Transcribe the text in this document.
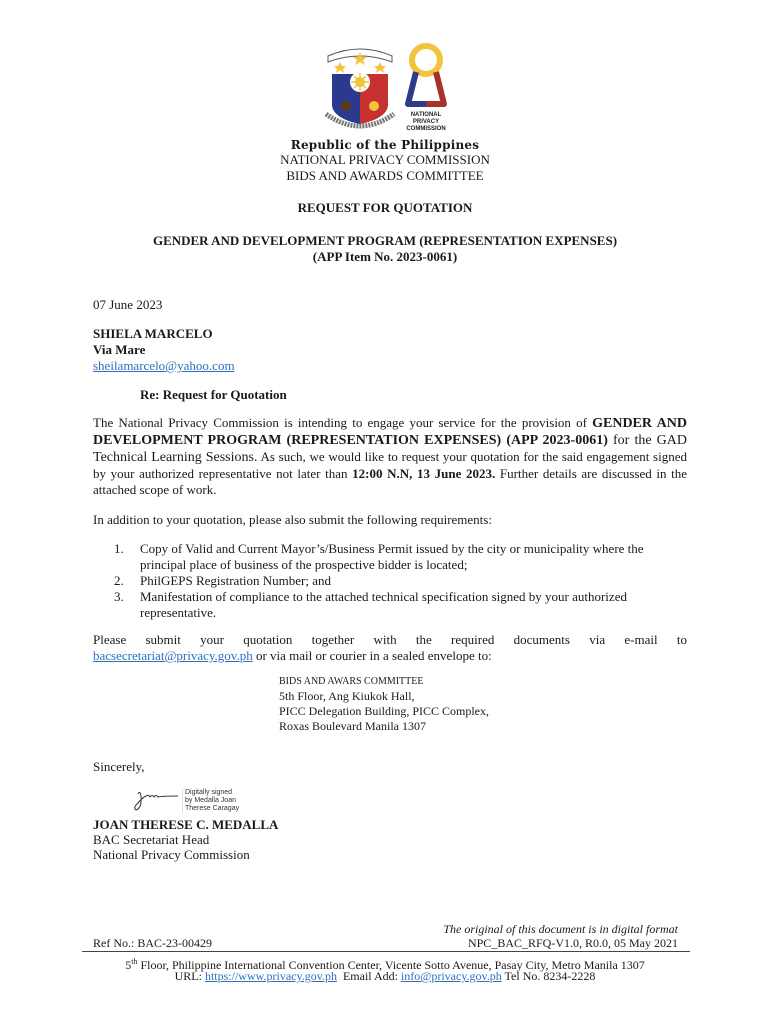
NATIONAL
PRIVACY
COMMISSION
Republic of the Philippines
NATIONAL PRIVACY COMMISSION
BIDS AND AWARDS COMMITTEE
REQUEST FOR QUOTATION
GENDER AND DEVELOPMENT PROGRAM (REPRESENTATION EXPENSES)
(APP Item No. 2023-0061)
07 June 2023
SHIELA MARCELO
Via Mare
sheilamarcelo@yahoo.com
Re: Request for Quotation
The National Privacy Commission is intending to engage your service for the provision of GENDER AND DEVELOPMENT PROGRAM (REPRESENTATION EXPENSES) (APP 2023-0061) for the GAD Technical Learning Sessions. As such, we would like to request your quotation for the said engagement signed by your authorized representative not later than 12:00 N.N, 13 June 2023. Further details are discussed in the attached scope of work.
In addition to your quotation, please also submit the following requirements:
1. Copy of Valid and Current Mayor’s/Business Permit issued by the city or municipality where the principal place of business of the prospective bidder is located;
2. PhilGEPS Registration Number; and
3. Manifestation of compliance to the attached technical specification signed by your authorized representative.
Please submit your quotation together with the required documents via e-mail to bacsecretariat@privacy.gov.ph or via mail or courier in a sealed envelope to:
BIDS AND AWARS COMMITTEE
5th Floor, Ang Kiukok Hall,
PICC Delegation Building, PICC Complex,
Roxas Boulevard Manila 1307
Sincerely,
Digitally signed
by Medalla Joan
Therese Caragay
JOAN THERESE C. MEDALLA
BAC Secretariat Head
National Privacy Commission
Ref No.: BAC-23-00429
The original of this document is in digital format
NPC_BAC_RFQ-V1.0, R0.0, 05 May 2021
5th Floor, Philippine International Convention Center, Vicente Sotto Avenue, Pasay City, Metro Manila 1307
URL: https://www.privacy.gov.ph  Email Add: info@privacy.gov.ph Tel No. 8234-2228
